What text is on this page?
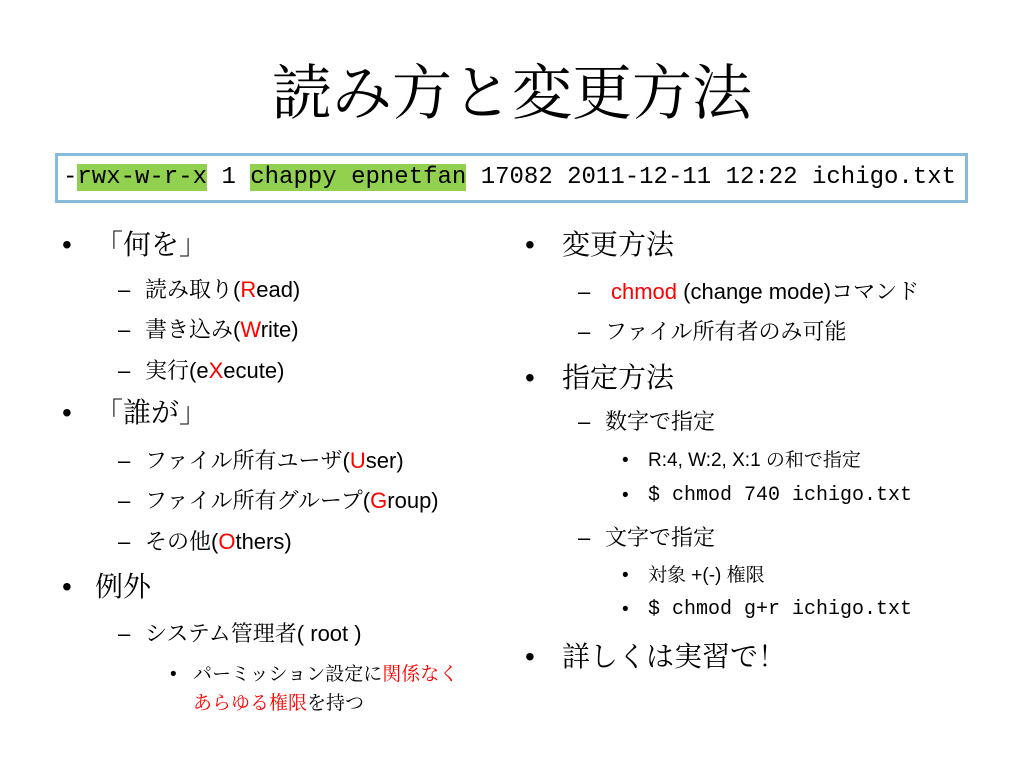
読み方と変更方法
-rwx-w-r-x 1 chappy epnetfan 17082 2011-12-11 12:22 ichigo.txt

•

「何を」

–

読み取り(Read)

–

書き込み(Write)

–

実行(eXecute)

•

「誰が」

–

ファイル所有ユーザ(User)

–

ファイル所有グループ(Group)

–

その他(Others)

•

例外

–

システム管理者( root )

•

パーミッション設定に関係なく

あらゆる権限を持つ

•

変更方法

–

chmod (change mode)コマンド

–

ファイル所有者のみ可能

•

指定方法

–

数字で指定

•

R:4, W:2, X:1 の和で指定

•

$ chmod 740 ichigo.txt

–

文字で指定

•

対象 +(-) 権限

•

$ chmod g+r ichigo.txt

•

詳しくは実習で！
